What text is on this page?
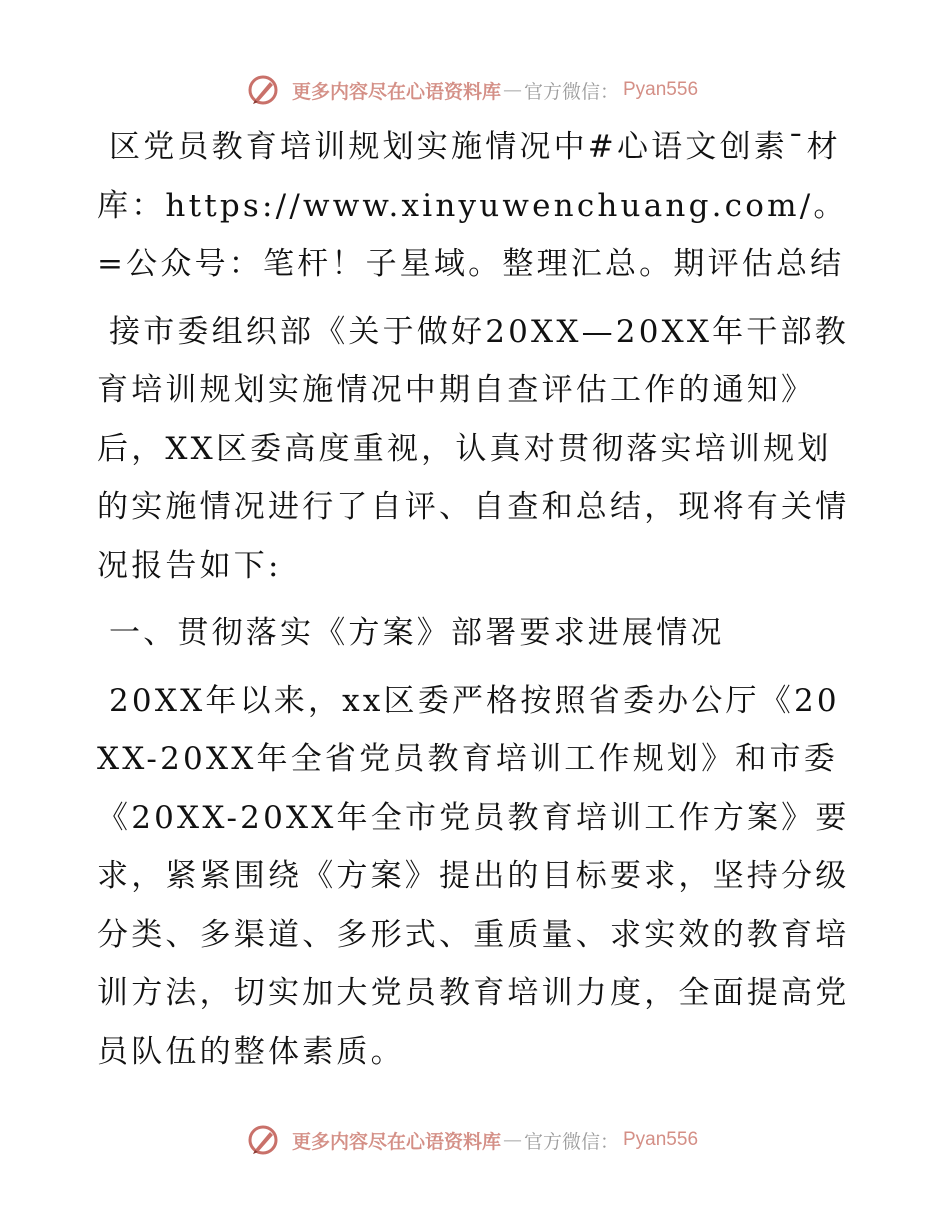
更多内容尽在心语资料库 — 官方微信： Pyan556

区党员教育培训规划实施情况中#心语文创素¯材库：https://www.xinyuwenchuang.com/。=公众号：笔杆！子星域。整理汇总。期评估总结

接市委组织部《关于做好20XX—20XX年干部教育培训规划实施情况中期自查评估工作的通知》后，XX区委高度重视，认真对贯彻落实培训规划的实施情况进行了自评、自查和总结，现将有关情况报告如下:

一、贯彻落实《方案》部署要求进展情况

20XX年以来，xx区委严格按照省委办公厅《20XX-20XX年全省党员教育培训工作规划》和市委《20XX-20XX年全市党员教育培训工作方案》要求，紧紧围绕《方案》提出的目标要求，坚持分级分类、多渠道、多形式、重质量、求实效的教育培训方法，切实加大党员教育培训力度，全面提高党员队伍的整体素质。

更多内容尽在心语资料库 — 官方微信： Pyan556
